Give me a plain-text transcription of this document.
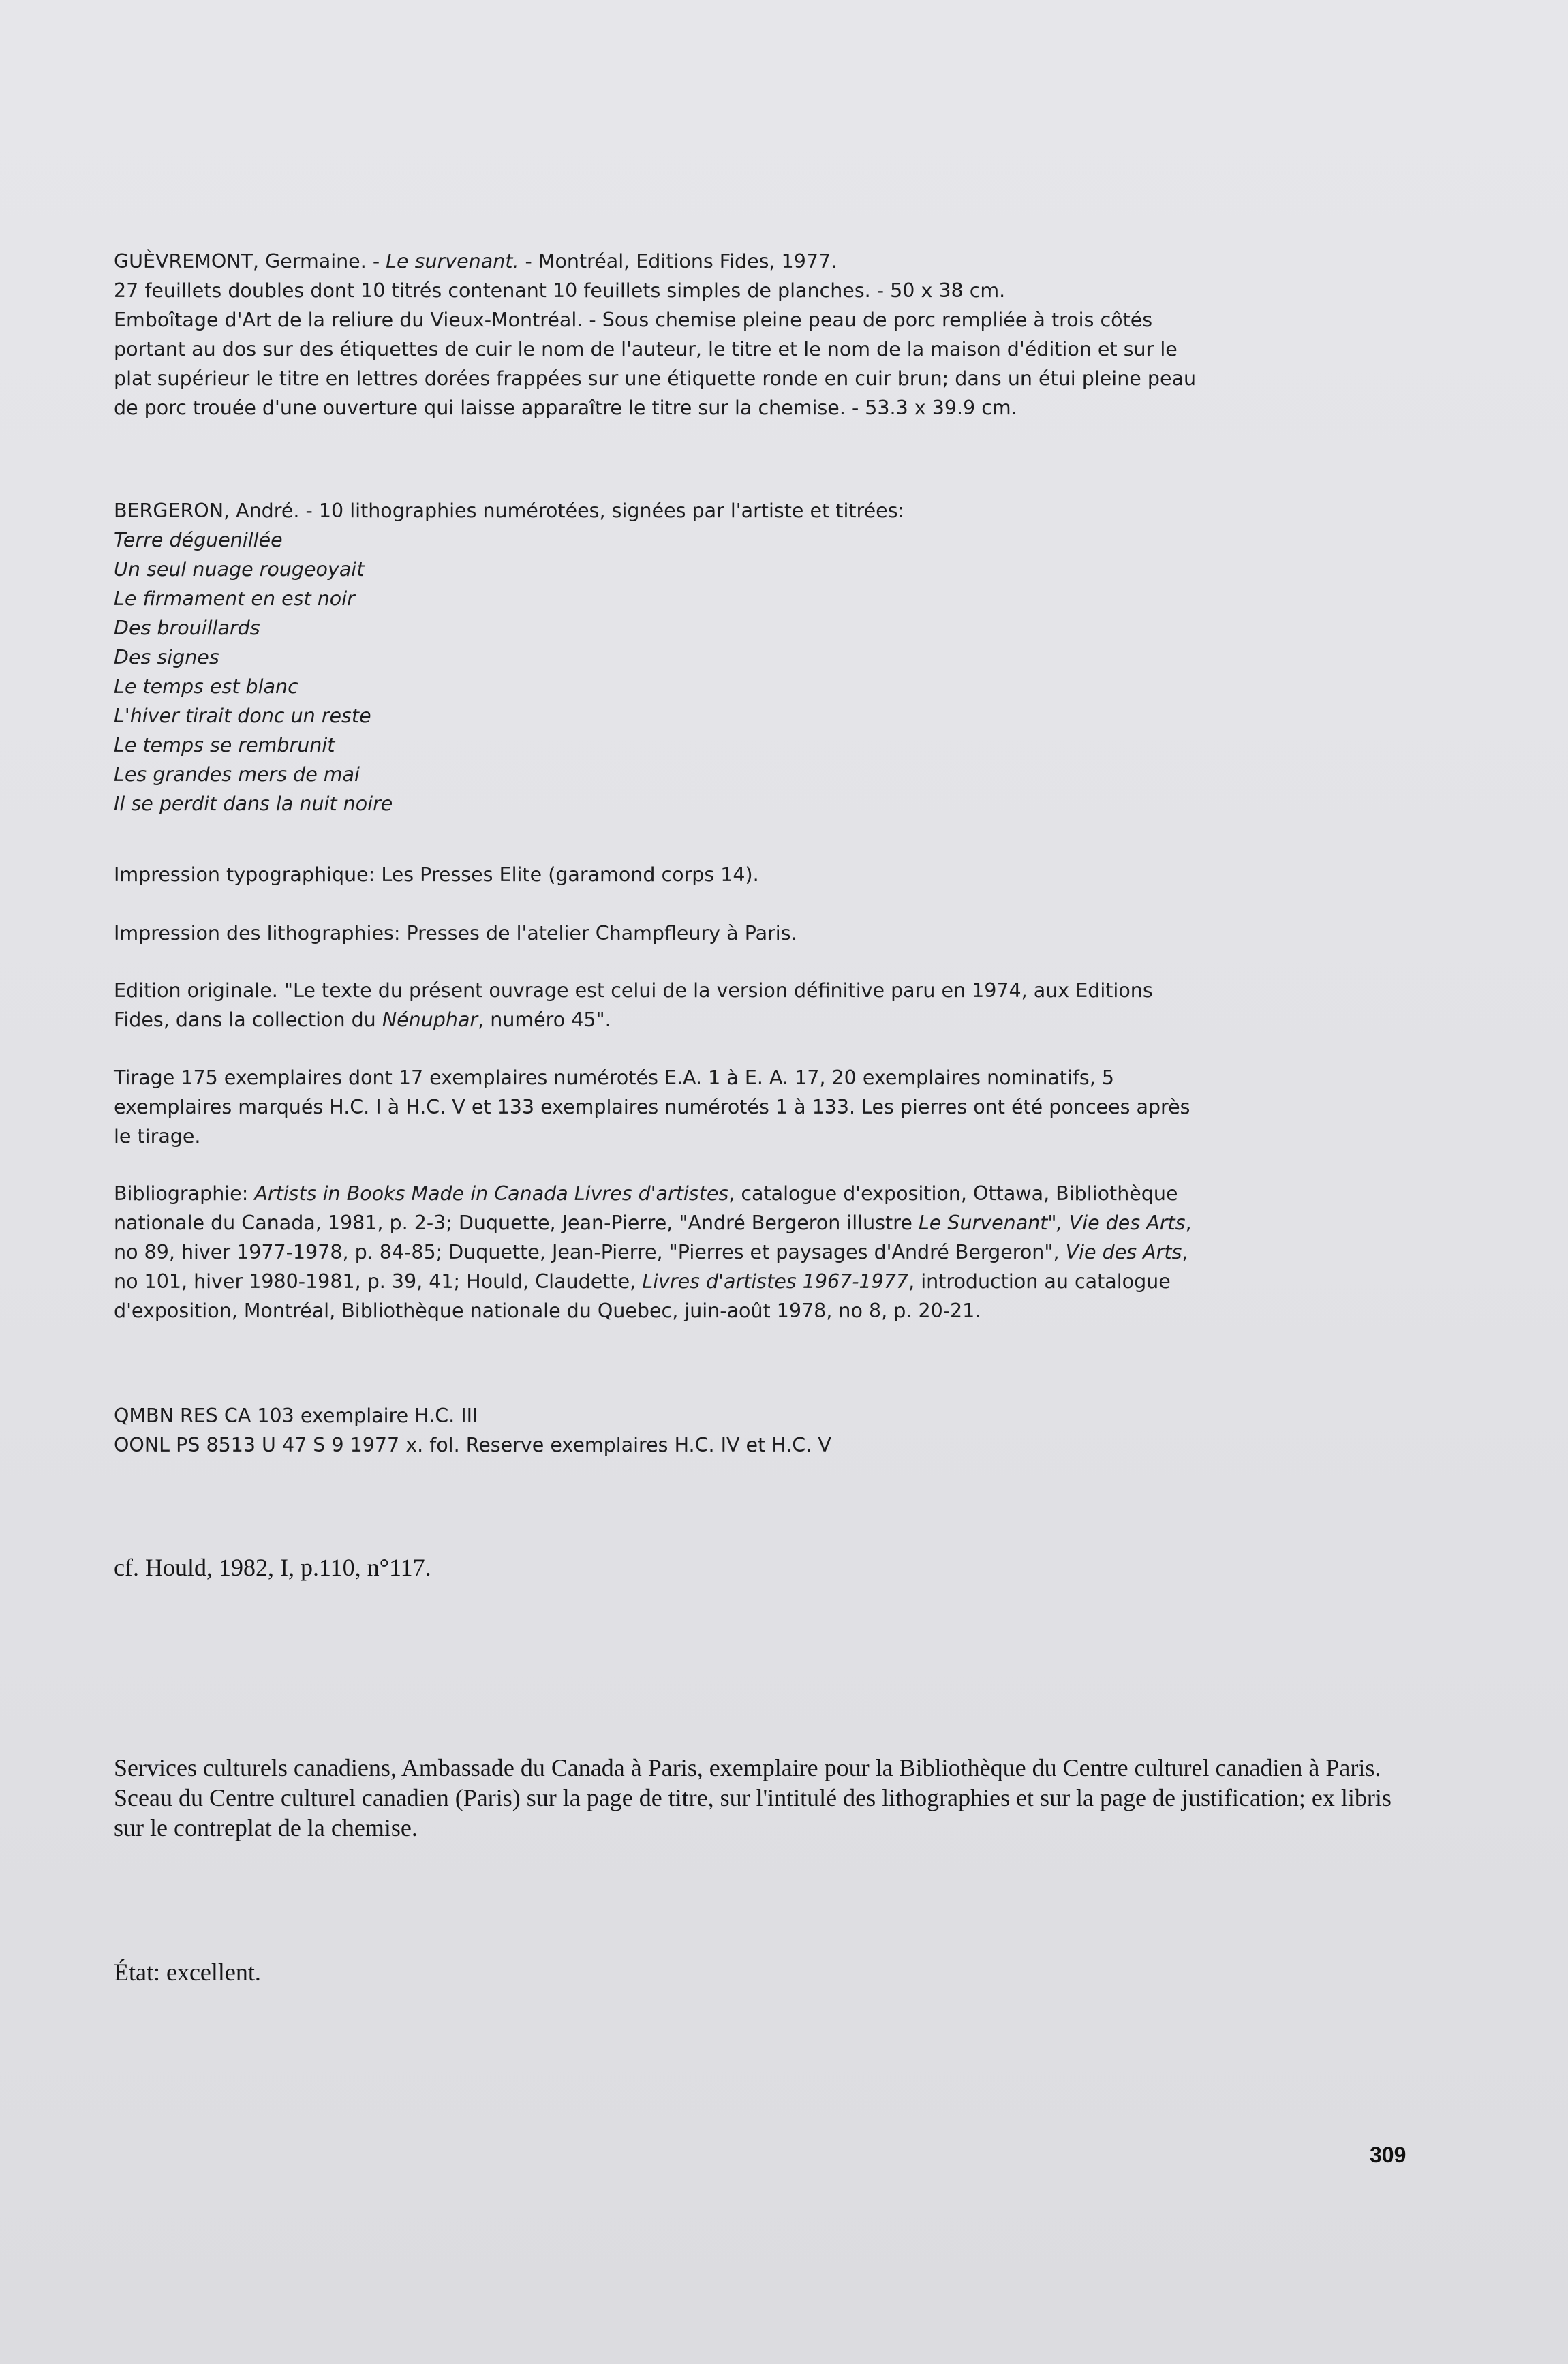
GUÈVREMONT, Germaine. - Le survenant. - Montréal, Editions Fides, 1977.

27 feuillets doubles dont 10 titrés contenant 10 feuillets simples de planches. - 50 x 38 cm.

Emboîtage d'Art de la reliure du Vieux-Montréal. - Sous chemise pleine peau de porc rempliée à trois côtés portant au dos sur des étiquettes de cuir le nom de l'auteur, le titre et le nom de la maison d'édition et sur le plat supérieur le titre en lettres dorées frappées sur une étiquette ronde en cuir brun; dans un étui pleine peau de porc trouée d'une ouverture qui laisse apparaître le titre sur la chemise. - 53.3 x 39.9 cm.

BERGERON, André. - 10 lithographies numérotées, signées par l'artiste et titrées:

Terre déguenillée
Un seul nuage rougeoyait
Le firmament en est noir
Des brouillards
Des signes
Le temps est blanc
L'hiver tirait donc un reste
Le temps se rembrunit
Les grandes mers de mai
Il se perdit dans la nuit noire

Impression typographique: Les Presses Elite (garamond corps 14).

Impression des lithographies: Presses de l'atelier Champfleury à Paris.

Edition originale. "Le texte du présent ouvrage est celui de la version définitive paru en 1974, aux Editions Fides, dans la collection du Nénuphar, numéro 45".

Tirage 175 exemplaires dont 17 exemplaires numérotés E.A. 1 à E. A. 17, 20 exemplaires nominatifs, 5 exemplaires marqués H.C. I à H.C. V et 133 exemplaires numérotés 1 à 133. Les pierres ont été poncees après le tirage.

Bibliographie: Artists in Books Made in Canada Livres d'artistes, catalogue d'exposition, Ottawa, Bibliothèque nationale du Canada, 1981, p. 2-3; Duquette, Jean-Pierre, "André Bergeron illustre Le Survenant", Vie des Arts, no 89, hiver 1977-1978, p. 84-85; Duquette, Jean-Pierre, "Pierres et paysages d'André Bergeron", Vie des Arts, no 101, hiver 1980-1981, p. 39, 41; Hould, Claudette, Livres d'artistes 1967-1977, introduction au catalogue d'exposition, Montréal, Bibliothèque nationale du Quebec, juin-août 1978, no 8, p. 20-21.

QMBN RES CA 103 exemplaire H.C. III

OONL PS 8513 U 47 S 9 1977 x. fol. Reserve exemplaires H.C. IV et H.C. V

cf. Hould, 1982, I, p.110, n°117.

Services culturels canadiens, Ambassade du Canada à Paris, exemplaire pour la Bibliothèque du Centre culturel canadien à Paris.

Sceau du Centre culturel canadien (Paris) sur la page de titre, sur l'intitulé des lithographies et sur la page de justification; ex libris sur le contreplat de la chemise.

État: excellent.

309
